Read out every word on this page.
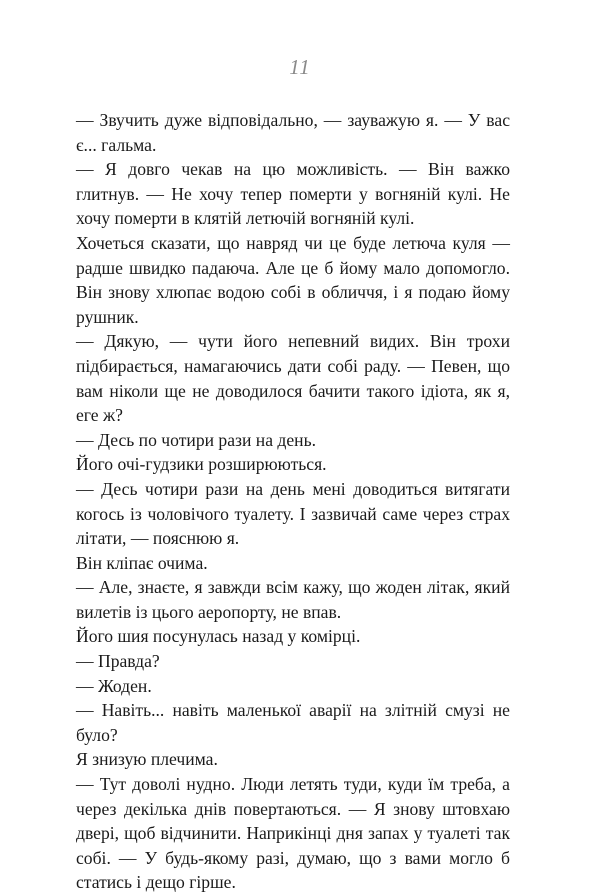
11

— Звучить дуже відповідально, — зауважую я. — У вас є... гальма.

— Я довго чекав на цю можливість. — Він важко глитнув. — Не хочу тепер померти у вогняній кулі. Не хочу померти в клятій летючій вогняній кулі.

Хочеться сказати, що навряд чи це буде летюча куля — радше швидко падаюча. Але це б йому мало допомогло. Він знову хлюпає водою собі в обличчя, і я подаю йому рушник.

— Дякую, — чути його непевний видих. Він трохи підбирається, намагаючись дати собі раду. — Певен, що вам ніколи ще не доводилося бачити такого ідіота, як я, еге ж?

— Десь по чотири рази на день.

Його очі-гудзики розширюються.

— Десь чотири рази на день мені доводиться витягати когось із чоловічого туалету. І зазвичай саме через страх літати, — пояснюю я.

Він кліпає очима.

— Але, знаєте, я завжди всім кажу, що жоден літак, який вилетів із цього аеропорту, не впав.

Його шия посунулась назад у комірці.

— Правда?

— Жоден.

— Навіть... навіть маленької аварії на злітній смузі не було?

Я знизую плечима.

— Тут доволі нудно. Люди летять туди, куди їм треба, а через декілька днів повертаються. — Я знову штовхаю двері, щоб відчинити. Наприкінці дня запах у туалеті так собі. — У будь-якому разі, думаю, що з вами могло б статись і дещо гірше.
